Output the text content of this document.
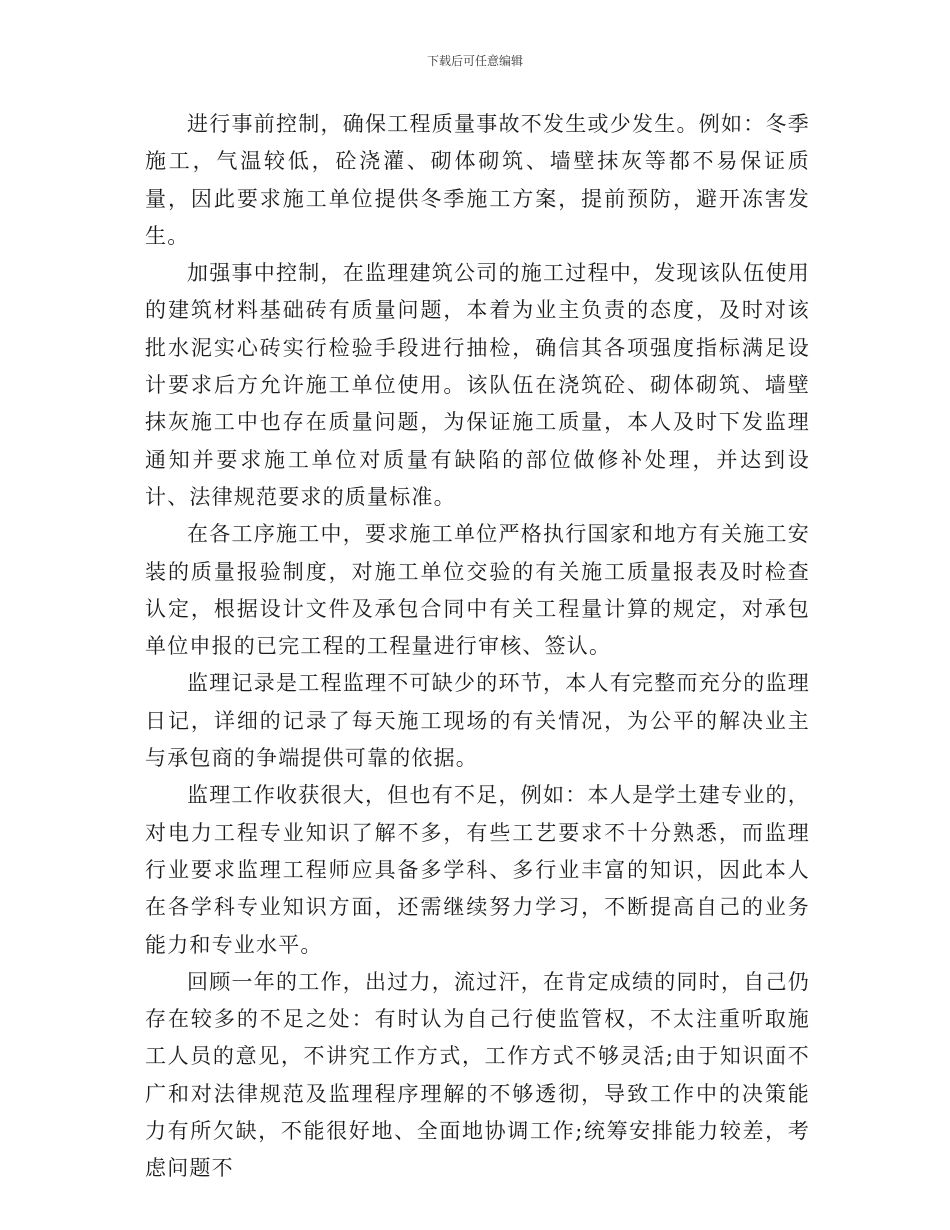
下载后可任意编辑

进行事前控制，确保工程质量事故不发生或少发生。例如：冬季施工，气温较低，砼浇灌、砌体砌筑、墙壁抹灰等都不易保证质量，因此要求施工单位提供冬季施工方案，提前预防，避开冻害发生。

加强事中控制，在监理建筑公司的施工过程中，发现该队伍使用的建筑材料基础砖有质量问题，本着为业主负责的态度，及时对该批水泥实心砖实行检验手段进行抽检，确信其各项强度指标满足设计要求后方允许施工单位使用。该队伍在浇筑砼、砌体砌筑、墙壁抹灰施工中也存在质量问题，为保证施工质量，本人及时下发监理通知并要求施工单位对质量有缺陷的部位做修补处理，并达到设计、法律规范要求的质量标准。

在各工序施工中，要求施工单位严格执行国家和地方有关施工安装的质量报验制度，对施工单位交验的有关施工质量报表及时检查认定，根据设计文件及承包合同中有关工程量计算的规定，对承包单位申报的已完工程的工程量进行审核、签认。

监理记录是工程监理不可缺少的环节，本人有完整而充分的监理日记，详细的记录了每天施工现场的有关情况，为公平的解决业主与承包商的争端提供可靠的依据。

监理工作收获很大，但也有不足，例如：本人是学土建专业的，对电力工程专业知识了解不多，有些工艺要求不十分熟悉，而监理行业要求监理工程师应具备多学科、多行业丰富的知识，因此本人在各学科专业知识方面，还需继续努力学习，不断提高自己的业务能力和专业水平。

回顾一年的工作，出过力，流过汗，在肯定成绩的同时，自己仍存在较多的不足之处：有时认为自己行使监管权，不太注重听取施工人员的意见，不讲究工作方式，工作方式不够灵活;由于知识面不广和对法律规范及监理程序理解的不够透彻，导致工作中的决策能力有所欠缺，不能很好地、全面地协调工作;统筹安排能力较差，考虑问题不
